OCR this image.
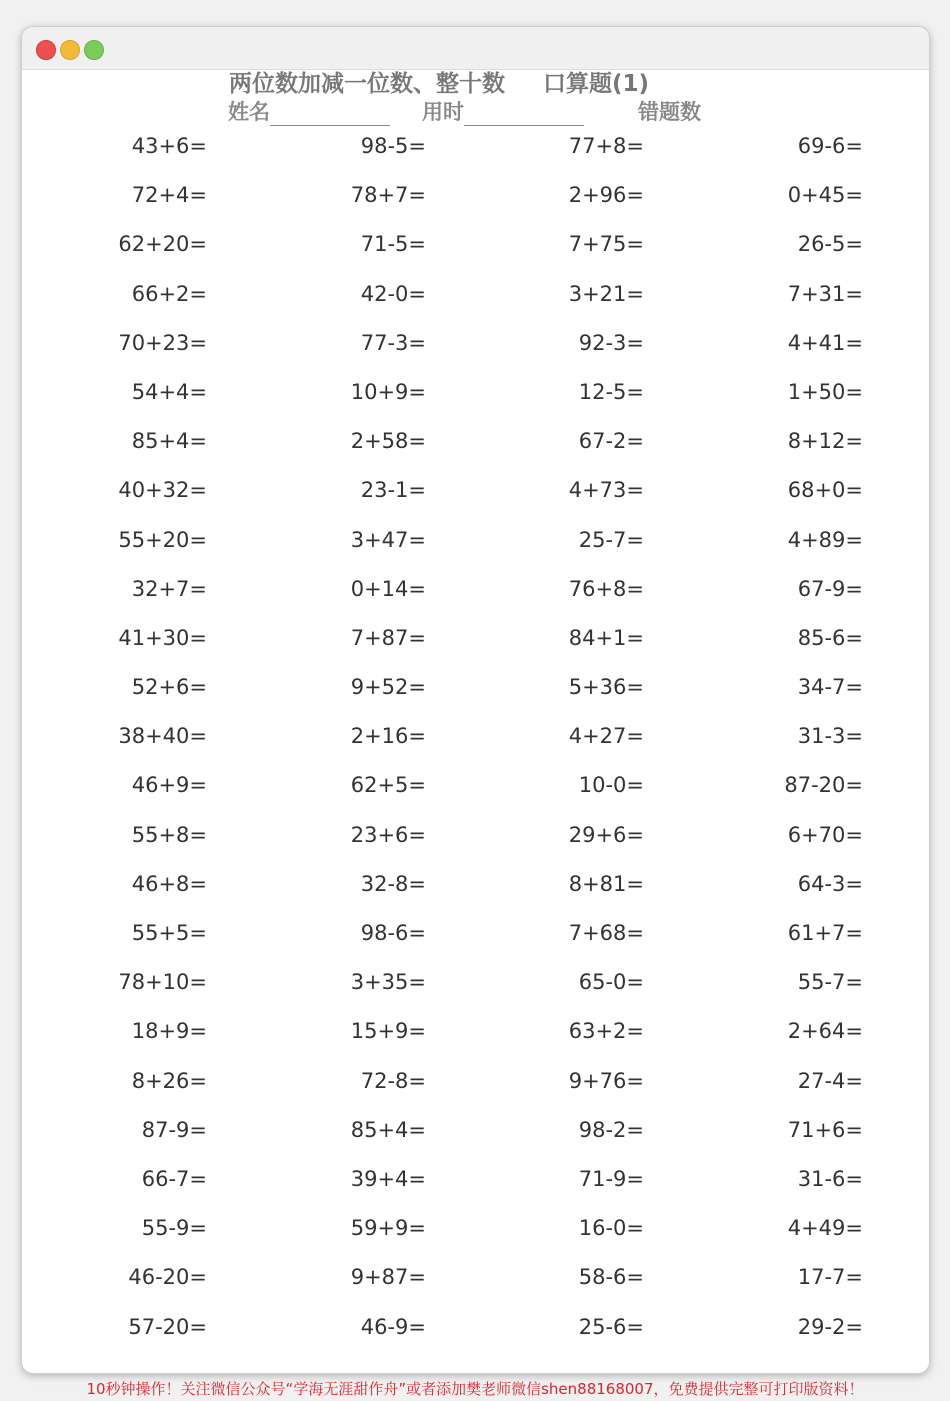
两位数加减一位数、整十数 口算题(1)
姓名	用时	错题数
43+6=	98-5=	77+8=	69-6=
72+4=	78+7=	2+96=	0+45=
62+20=	71-5=	7+75=	26-5=
66+2=	42-0=	3+21=	7+31=
70+23=	77-3=	92-3=	4+41=
54+4=	10+9=	12-5=	1+50=
85+4=	2+58=	67-2=	8+12=
40+32=	23-1=	4+73=	68+0=
55+20=	3+47=	25-7=	4+89=
32+7=	0+14=	76+8=	67-9=
41+30=	7+87=	84+1=	85-6=
52+6=	9+52=	5+36=	34-7=
38+40=	2+16=	4+27=	31-3=
46+9=	62+5=	10-0=	87-20=
55+8=	23+6=	29+6=	6+70=
46+8=	32-8=	8+81=	64-3=
55+5=	98-6=	7+68=	61+7=
78+10=	3+35=	65-0=	55-7=
18+9=	15+9=	63+2=	2+64=
8+26=	72-8=	9+76=	27-4=
87-9=	85+4=	98-2=	71+6=
66-7=	39+4=	71-9=	31-6=
55-9=	59+9=	16-0=	4+49=
46-20=	9+87=	58-6=	17-7=
57-20=	46-9=	25-6=	29-2=
10秒钟操作！关注微信公众号“学海无涯甜作舟”或者添加樊老师微信shen88168007，免费提供完整可打印版资料！
